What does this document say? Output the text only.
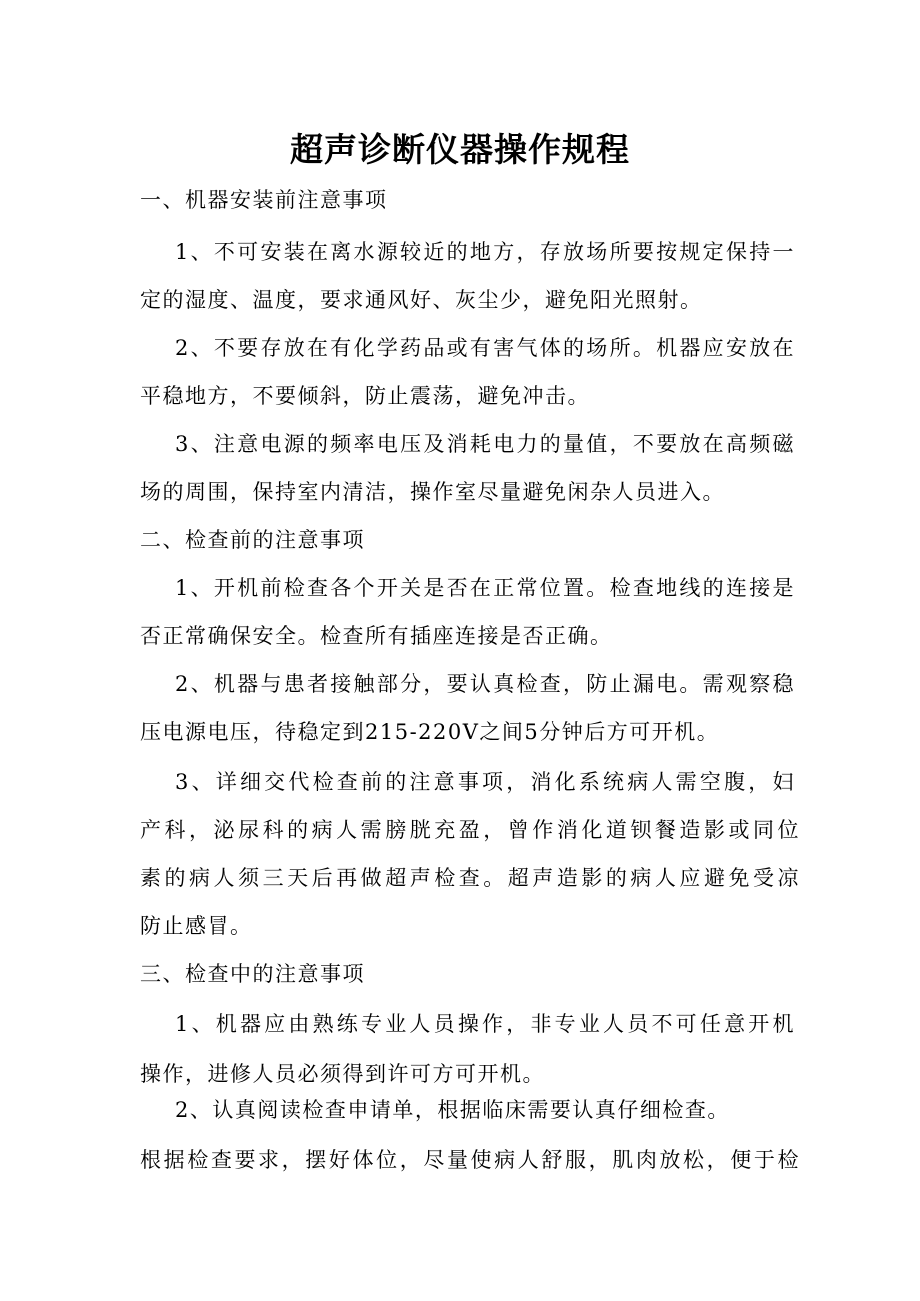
超声诊断仪器操作规程
一、机器安装前注意事项
1、不可安装在离水源较近的地方，存放场所要按规定保持一
定的湿度、温度，要求通风好、灰尘少，避免阳光照射。
2、不要存放在有化学药品或有害气体的场所。机器应安放在
平稳地方，不要倾斜，防止震荡，避免冲击。
3、注意电源的频率电压及消耗电力的量值，不要放在高频磁
场的周围，保持室内清洁，操作室尽量避免闲杂人员进入。
二、检查前的注意事项
1、开机前检查各个开关是否在正常位置。检查地线的连接是
否正常确保安全。检查所有插座连接是否正确。
2、机器与患者接触部分，要认真检查，防止漏电。需观察稳
压电源电压，待稳定到215-220V之间5分钟后方可开机。
3、详细交代检查前的注意事项，消化系统病人需空腹，妇
产科，泌尿科的病人需膀胱充盈，曾作消化道钡餐造影或同位
素的病人须三天后再做超声检查。超声造影的病人应避免受凉
防止感冒。
三、检查中的注意事项
1、机器应由熟练专业人员操作，非专业人员不可任意开机
操作，进修人员必须得到许可方可开机。
2、认真阅读检查申请单，根据临床需要认真仔细检查。
根据检查要求，摆好体位，尽量使病人舒服，肌肉放松，便于检
